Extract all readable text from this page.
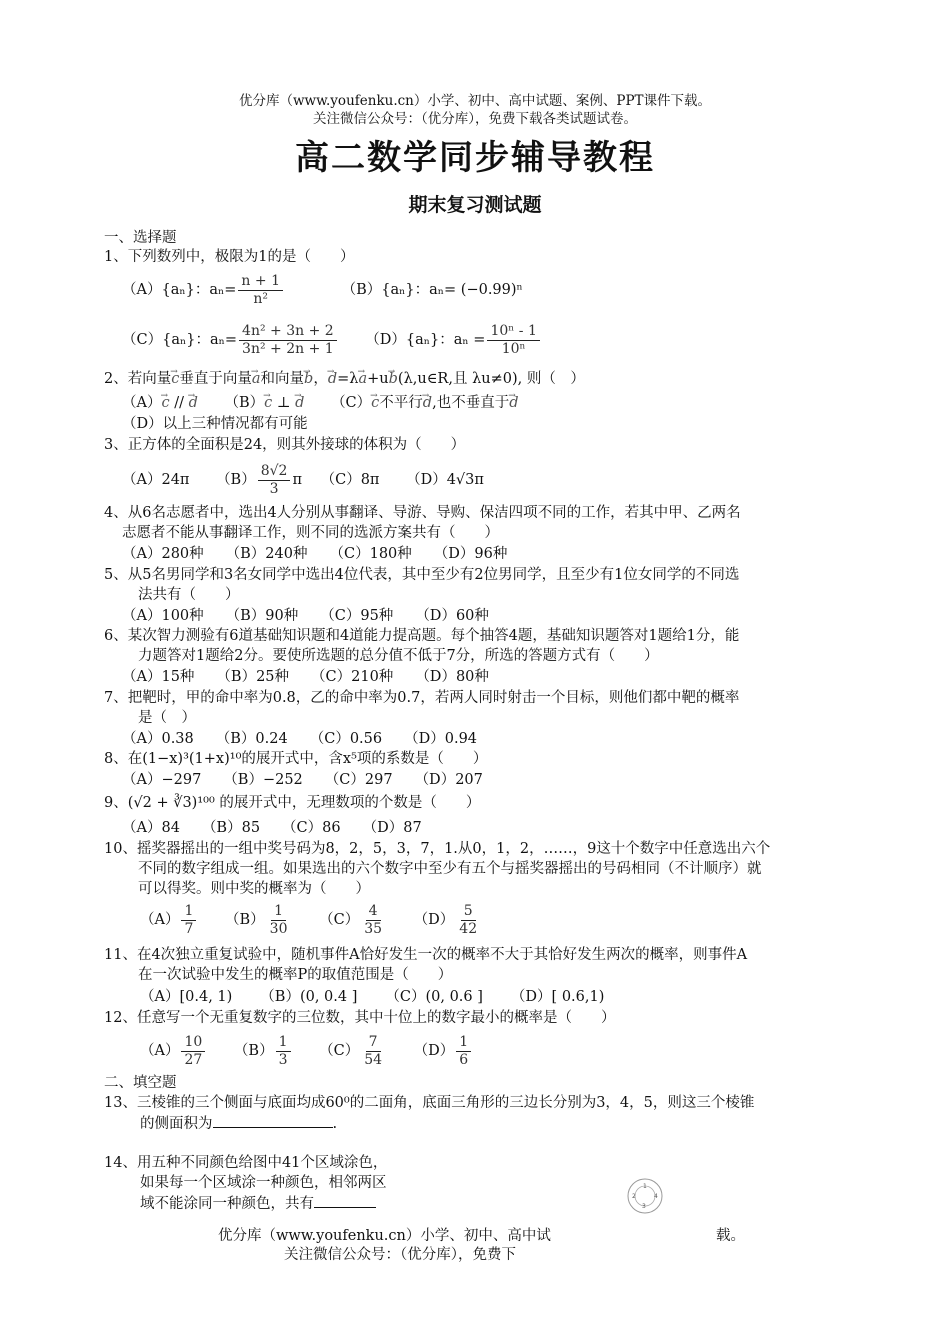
优分库（www.youfenku.cn）小学、初中、高中试题、案例、PPT课件下载。
关注微信公众号：（优分库），免费下载各类试题试卷。
高二数学同步辅导教程
期末复习测试题
一、选择题
1、下列数列中，极限为1的是（　　）
（A）{aₙ}：$a_n= \frac{n + 1}{\text{n²}}$	（B）{aₙ}：aₙ= (−0.99)ⁿ
（C）{aₙ}：$a_n= \frac{\text{4n² + 3n + 2}}{\text{3n² + 2n + 1}} (D)\{a_n\}$：$a_n = \frac{\text{10ⁿ - 1}}{\text{10ⁿ}}$
2、若向量→ c垂直于向量→ a和向量→ b，→ d=λ→ a+u→ b(λ,u∈R,且 λu≠0), 则（　）
（A）→ c // → d （B）→ c ⊥ → d （C）→ c不平行→ d,也不垂直于→ d
（D）以上三种情况都有可能
3、正方体的全面积是24，则其外接球的体积为（　　）
（A）24π $(B) \frac{8√2}{3}$ π （C）8π （D）4√3π
4、从6名志愿者中，选出4人分别从事翻译、导游、导购、保洁四项不同的工作，若其中甲、乙两名
志愿者不能从事翻译工作，则不同的选派方案共有（　　）
（A）280种 （B）240种 （C）180种 （D）96种
5、从5名男同学和3名女同学中选出4位代表，其中至少有2位男同学，且至少有1位女同学的不同选
法共有（　　）
（A）100种 （B）90种 （C）95种 （D）60种
6、某次智力测验有6道基础知识题和4道能力提高题。每个抽答4题，基础知识题答对1题给1分，能
力题答对1题给2分。要使所选题的总分值不低于7分，所选的答题方式有（　　）
（A）15种 （B）25种 （C）210种 （D）80种
7、把靶时，甲的命中率为0.8，乙的命中率为0.7，若两人同时射击一个目标，则他们都中靶的概率
是（　）
（A）0.38 （B）0.24 （C）0.56 （D）0.94
8、在(1−x)³(1+x)¹⁰的展开式中，含x⁵项的系数是（　　）
（A）−297 （B）−252 （C）297 （D）207
9、(√2 + ∛3)¹⁰⁰ 的展开式中，无理数项的个数是（　　）
（A）84 （B）85 （C）86 （D）87
10、摇奖器摇出的一组中奖号码为8，2，5，3，7，1.从0，1，2，……，9这十个数字中任意选出六个
不同的数字组成一组。如果选出的六个数字中至少有五个与摇奖器摇出的号码相同（不计顺序）就
可以得奖。则中奖的概率为（　　）
$(A) \frac{1}{7} (B) \frac{1}{30} (C) \frac{4}{35} (D) \frac{5}{42}$
11、在4次独立重复试验中，随机事件A恰好发生一次的概率不大于其恰好发生两次的概率，则事件A
在一次试验中发生的概率P的取值范围是（　　）
（A）[0.4, 1) （B）(0, 0.4 ] （C）(0, 0.6 ] （D）[ 0.6,1)
12、任意写一个无重复数字的三位数，其中十位上的数字最小的概率是（　　）
$(A) \frac{10}{27} (B) \frac{1}{3} (C) \frac{7}{54} (D) \frac{1}{6}$
二、填空题
13、三棱锥的三个侧面与底面均成60⁰的二面角，底面三角形的三边长分别为3，4，5，则这三个棱锥
的侧面积为	.
14、用五种不同颜色给图中41个区域涂色，
如果每一个区域涂一种颜色，相邻两区
域不能涂同一种颜色，共有
1
2
3
4
优分库（www.youfenku.cn）小学、初中、高中试	载。
关注微信公众号：（优分库），免费下
